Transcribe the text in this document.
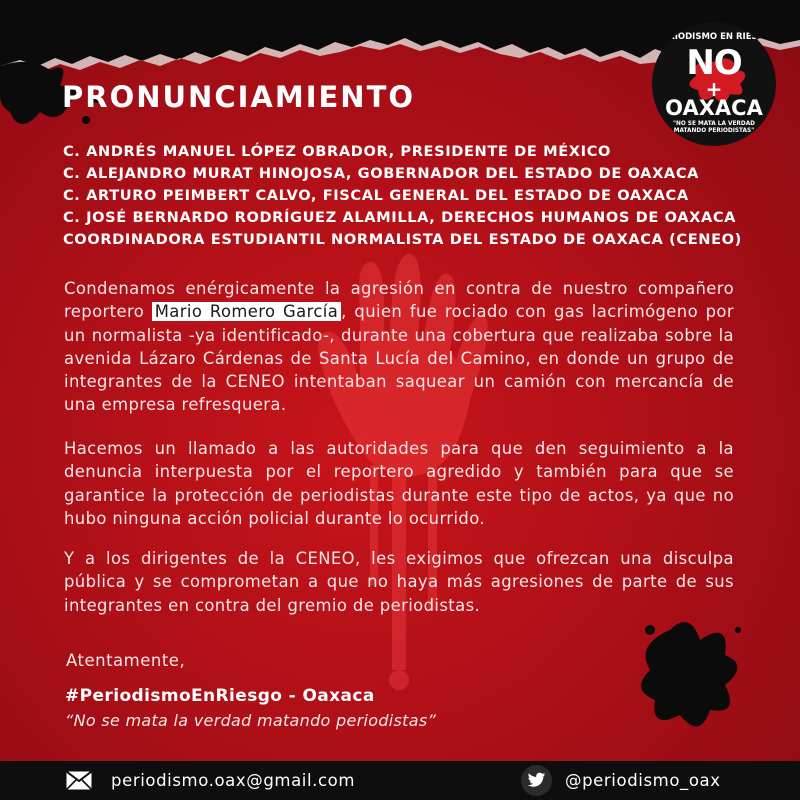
PERIODISMO EN RIESGO
NO
+
OAXACA
"NO SE MATA LA VERDAD MATANDO PERIODISTAS"
PRONUNCIAMIENTO
C. ANDRÉS MANUEL LÓPEZ OBRADOR, PRESIDENTE DE MÉXICO
C. ALEJANDRO MURAT HINOJOSA, GOBERNADOR DEL ESTADO DE OAXACA
C. ARTURO PEIMBERT CALVO, FISCAL GENERAL DEL ESTADO DE OAXACA
C. JOSÉ BERNARDO RODRÍGUEZ ALAMILLA, DERECHOS HUMANOS DE OAXACA
COORDINADORA ESTUDIANTIL NORMALISTA DEL ESTADO DE OAXACA (CENEO)

Condenamos enérgicamente la agresión en contra de nuestro compañero reportero Mario Romero García , quien fue rociado con gas lacrimógeno por un normalista -ya identificado-, durante una cobertura que realizaba sobre la avenida Lázaro Cárdenas de Santa Lucía del Camino, en donde un grupo de integrantes de la CENEO intentaban saquear un camión con mercancía de una empresa refresquera.

Hacemos un llamado a las autoridades para que den seguimiento a la denuncia interpuesta por el reportero agredido y también para que se garantice la protección de periodistas durante este tipo de actos, ya que no hubo ninguna acción policial durante lo ocurrido.

Y a los dirigentes de la CENEO, les exigimos que ofrezcan una disculpa pública y se comprometan a que no haya más agresiones de parte de sus integrantes en contra del gremio de periodistas.

Atentamente,
#PeriodismoEnRiesgo - Oaxaca
“No se mata la verdad matando periodistas”
periodismo.oax@gmail.com	@periodismo_oax
